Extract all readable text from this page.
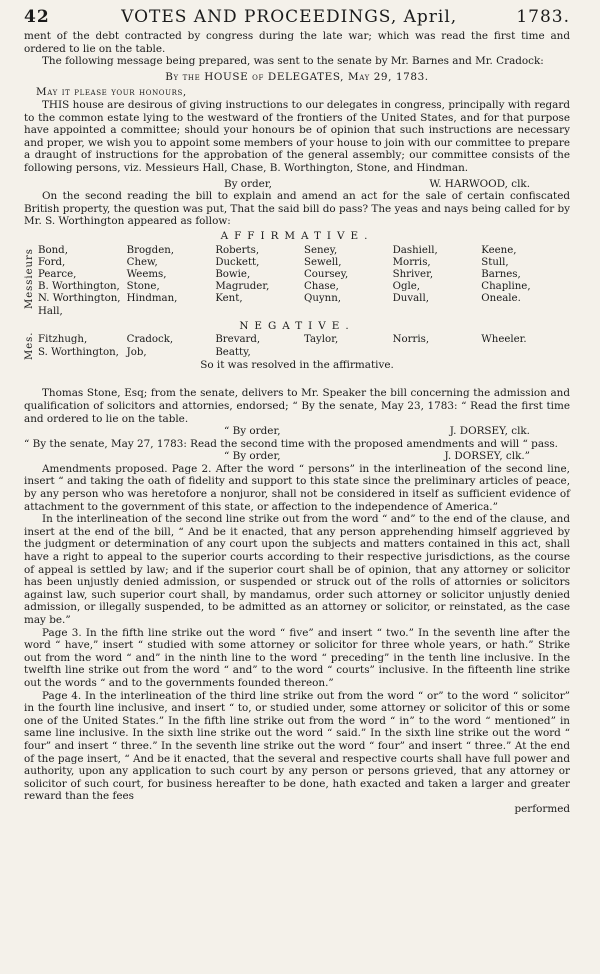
42	VOTES AND PROCEEDINGS, April,	1783.

ment of the debt contracted by congress during the late war; which was read the first time and ordered to lie on the table.

The following message being prepared, was sent to the senate by Mr. Barnes and Mr. Cradock:

By the HOUSE of DELEGATES, May 29, 1783.

May it please your honours,

THIS house are desirous of giving instructions to our delegates in congress, principally with regard to the common estate lying to the westward of the frontiers of the United States, and for that purpose have appointed a committee; should your honours be of opinion that such instructions are necessary and proper, we wish you to appoint some members of your house to join with our committee to prepare a draught of instructions for the approbation of the general assembly; our committee consists of the following persons, viz. Messieurs Hall, Chase, B. Worthington, Stone, and Hindman.

By order,	W. HARWOOD, clk.

On the second reading the bill to explain and amend an act for the sale of certain confiscated British property, the question was put, That the said bill do pass? The yeas and nays being called for by Mr. S. Worthington appeared as follow:

AFFIRMATIVE.

Messieurs Bond,	Brogden,	Roberts,	Seney,	Dashiell,	Keene,
Ford,	Chew,	Duckett,	Sewell,	Morris,	Stull,
Pearce,	Weems,	Bowie,	Coursey,	Shriver,	Barnes,
B. Worthington,	Stone,	Magruder,	Chase,	Ogle,	Chapline,
N. Worthington,	Hindman,	Kent,	Quynn,	Duvall,	Oneale.
Hall,					

NEGATIVE.

Mes. Fitzhugh,	Cradock,	Brevard,	Taylor,	Norris,	Wheeler.
S. Worthington,	Job,	Beatty,			

So it was resolved in the affirmative.

Thomas Stone, Esq; from the senate, delivers to Mr. Speaker the bill concerning the admission and qualification of solicitors and attornies, endorsed; “ By the senate, May 23, 1783: “ Read the first time and ordered to lie on the table.

“ By order,	J. DORSEY, clk.

“ By the senate, May 27, 1783: Read the second time with the proposed amendments and will “ pass.

“ By order,	J. DORSEY, clk.”

Amendments proposed. Page 2. After the word “ persons” in the interlineation of the second line, insert “ and taking the oath of fidelity and support to this state since the preliminary articles of peace, by any person who was heretofore a nonjuror, shall not be considered in itself as sufficient evidence of attachment to the government of this state, or affection to the independence of America.”

In the interlineation of the second line strike out from the word “ and” to the end of the clause, and insert at the end of the bill, “ And be it enacted, that any person apprehending himself aggrieved by the judgment or determination of any court upon the subjects and matters contained in this act, shall have a right to appeal to the superior courts according to their respective jurisdictions, as the course of appeal is settled by law; and if the superior court shall be of opinion, that any attorney or solicitor has been unjustly denied admission, or suspended or struck out of the rolls of attornies or solicitors against law, such superior court shall, by mandamus, order such attorney or solicitor unjustly denied admission, or illegally suspended, to be admitted as an attorney or solicitor, or reinstated, as the case may be.”

Page 3. In the fifth line strike out the word “ five” and insert “ two.” In the seventh line after the word “ have,” insert “ studied with some attorney or solicitor for three whole years, or hath.” Strike out from the word “ and” in the ninth line to the word “ preceding” in the tenth line inclusive. In the twelfth line strike out from the word “ and” to the word “ courts” inclusive. In the fifteenth line strike out the words “ and to the governments founded thereon.”

Page 4. In the interlineation of the third line strike out from the word “ or” to the word “ solicitor” in the fourth line inclusive, and insert “ to, or studied under, some attorney or solicitor of this or some one of the United States.” In the fifth line strike out from the word “ in” to the word “ mentioned” in same line inclusive. In the sixth line strike out the word “ said.” In the sixth line strike out the word “ four” and insert “ three.” In the seventh line strike out the word “ four” and insert “ three.” At the end of the page insert, “ And be it enacted, that the several and respective courts shall have full power and authority, upon any application to such court by any person or persons grieved, that any attorney or solicitor of such court, for business hereafter to be done, hath exacted and taken a larger and greater reward than the fees

performed
